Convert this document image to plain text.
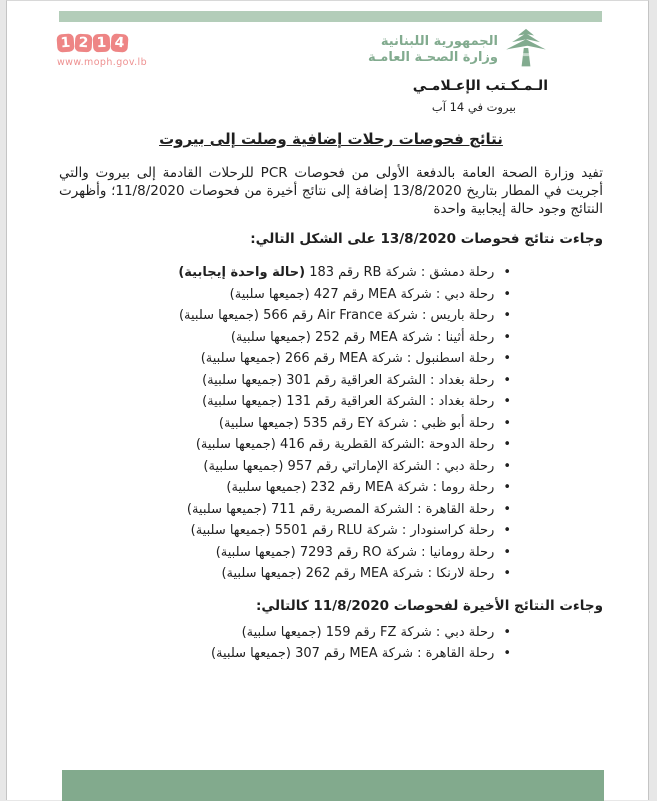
1 2 1 4
www.moph.gov.lb
الجمهورية اللبنانية
وزارة الصحـة العامـة
الـمـكـتب الإعـلامـي
بيروت في 14 آب
نتائج فحوصات رحلات إضافية وصلت إلى بيروت

تفيد وزارة الصحة العامة بالدفعة الأولى من فحوصات PCR للرحلات القادمة إلى بيروت والتي أجريت في المطار بتاريخ 13/8/2020 إضافة إلى نتائج أخيرة من فحوصات 11/8/2020؛ وأظهرت النتائج وجود حالة إيجابية واحدة

وجاءت نتائج فحوصات 13/8/2020 على الشكل التالي:
•رحلة دمشق : شركة RB رقم 183 (حالة واحدة إيجابية)
•رحلة دبي : شركة MEA رقم 427 (جميعها سلبية)
•رحلة باريس : شركة Air France رقم 566 (جميعها سلبية)
•رحلة أثينا : شركة MEA رقم 252 (جميعها سلبية)
•رحلة اسطنبول : شركة MEA رقم 266 (جميعها سلبية)
•رحلة بغداد : الشركة العراقية رقم 301 (جميعها سلبية)
•رحلة بغداد : الشركة العراقية رقم 131 (جميعها سلبية)
•رحلة أبو ظبي : شركة EY رقم 535 (جميعها سلبية)
•رحلة الدوحة :الشركة القطرية رقم 416 (جميعها سلبية)
•رحلة دبي : الشركة الإماراتي رقم 957 (جميعها سلبية)
•رحلة روما : شركة MEA رقم 232 (جميعها سلبية)
•رحلة القاهرة : الشركة المصرية رقم 711 (جميعها سلبية)
•رحلة كراسنودار : شركة RLU رقم 5501 (جميعها سلبية)
•رحلة رومانيا : شركة RO رقم 7293 (جميعها سلبية)
•رحلة لارنكا : شركة MEA رقم 262 (جميعها سلبية)
وجاءت النتائج الأخيرة لفحوصات 11/8/2020 كالتالي:
•رحلة دبي : شركة FZ رقم 159 (جميعها سلبية)
•رحلة القاهرة : شركة MEA رقم 307 (جميعها سلبية)
